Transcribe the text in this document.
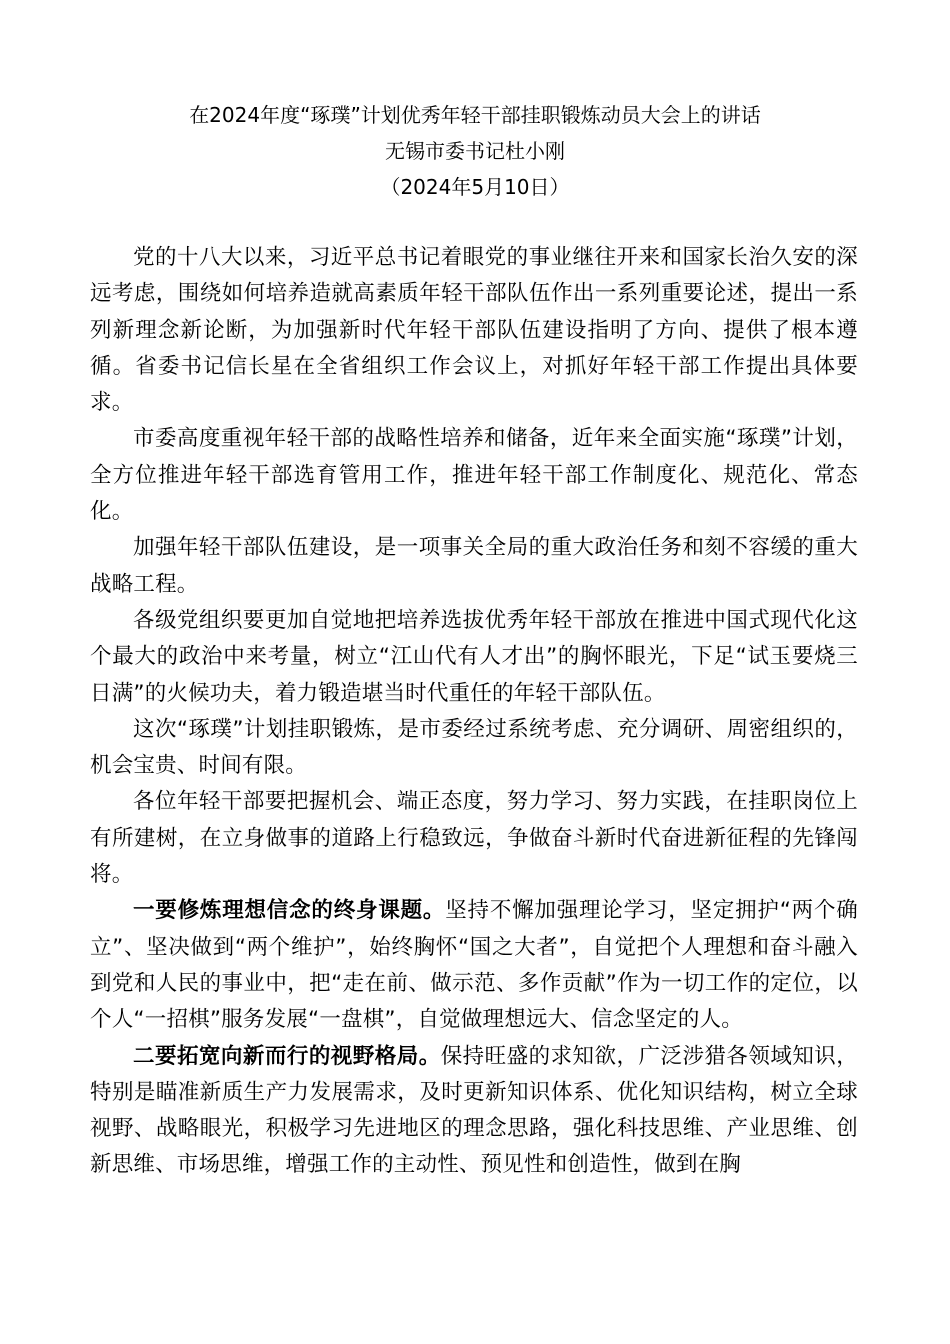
在2024年度“琢璞”计划优秀年轻干部挂职锻炼动员大会上的讲话
无锡市委书记杜小刚
（2024年5月10日）

党的十八大以来，习近平总书记着眼党的事业继往开来和国家长治久安的深远考虑，围绕如何培养造就高素质年轻干部队伍作出一系列重要论述，提出一系列新理念新论断，为加强新时代年轻干部队伍建设指明了方向、提供了根本遵循。省委书记信长星在全省组织工作会议上，对抓好年轻干部工作提出具体要求。

市委高度重视年轻干部的战略性培养和储备，近年来全面实施“琢璞”计划，全方位推进年轻干部选育管用工作，推进年轻干部工作制度化、规范化、常态化。

加强年轻干部队伍建设，是一项事关全局的重大政治任务和刻不容缓的重大战略工程。

各级党组织要更加自觉地把培养选拔优秀年轻干部放在推进中国式现代化这个最大的政治中来考量，树立“江山代有人才出”的胸怀眼光，下足“试玉要烧三日满”的火候功夫，着力锻造堪当时代重任的年轻干部队伍。

这次“琢璞”计划挂职锻炼，是市委经过系统考虑、充分调研、周密组织的，机会宝贵、时间有限。

各位年轻干部要把握机会、端正态度，努力学习、努力实践，在挂职岗位上有所建树，在立身做事的道路上行稳致远，争做奋斗新时代奋进新征程的先锋闯将。

一要修炼理想信念的终身课题。坚持不懈加强理论学习，坚定拥护“两个确立”、坚决做到“两个维护”，始终胸怀“国之大者”，自觉把个人理想和奋斗融入到党和人民的事业中，把“走在前、做示范、多作贡献”作为一切工作的定位，以个人“一招棋”服务发展“一盘棋”，自觉做理想远大、信念坚定的人。

二要拓宽向新而行的视野格局。保持旺盛的求知欲，广泛涉猎各领域知识，特别是瞄准新质生产力发展需求，及时更新知识体系、优化知识结构，树立全球视野、战略眼光，积极学习先进地区的理念思路，强化科技思维、产业思维、创新思维、市场思维，增强工作的主动性、预见性和创造性，做到在胸
